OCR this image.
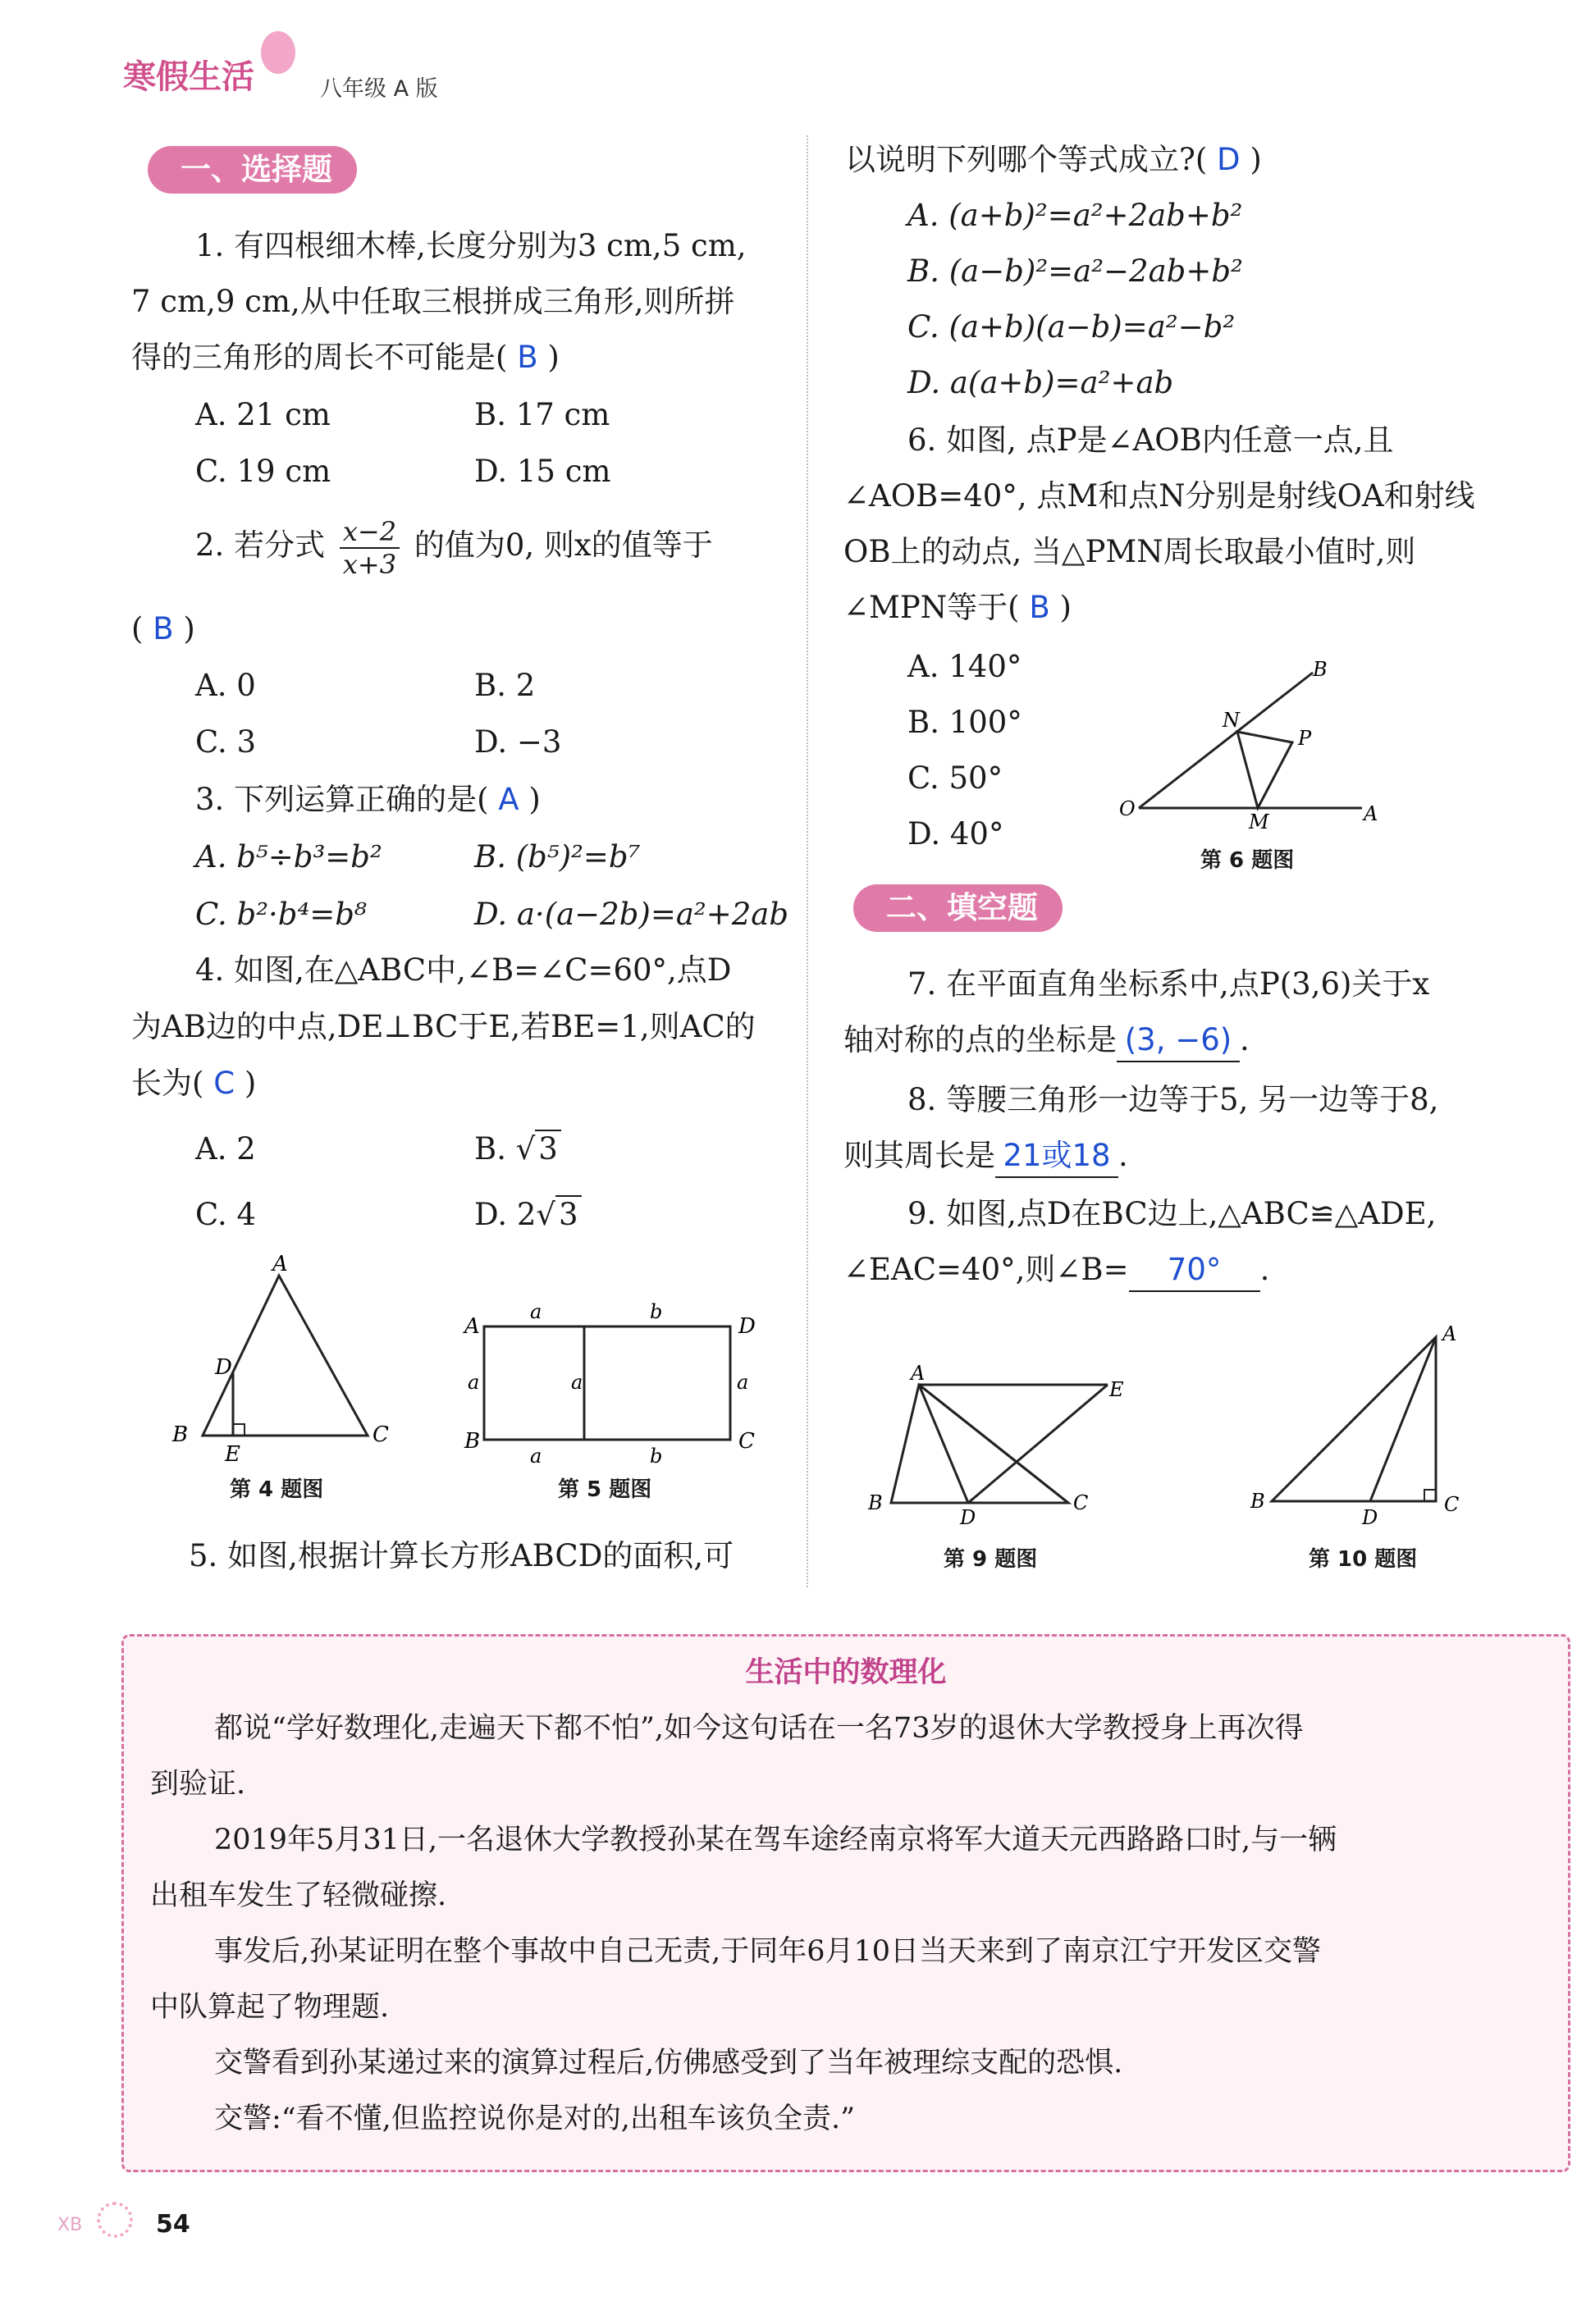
寒假生活	八年级 A 版
一、选择题
1. 有四根细木棒,长度分别为3 cm,5 cm,
7 cm,9 cm,从中任取三根拼成三角形,则所拼
得的三角形的周长不可能是( B )
A. 21 cm	B. 17 cm
C. 19 cm	D. 15 cm
2. 若分式 $\frac{x-2}{x+3}$ 的值为0, 则x的值等于
( B )
A. 0	B. 2
C. 3	D. −3
3. 下列运算正确的是( A )
A. b⁵÷b³=b²	B. (b⁵)²=b⁷
C. b²·b⁴=b⁸	D. a·(a−2b)=a²+2ab
4. 如图,在△ABC中,∠B=∠C=60°,点D
为AB边的中点,DE⊥BC于E,若BE=1,则AC的
长为( C )
A. 2	B. √ 3
C. 4	D. 2√ 3
A
D
B	C
E
第 4 题图
A	D
B	C
a	b
a	a	a
a	b
第 5 题图
5. 如图,根据计算长方形ABCD的面积,可
以说明下列哪个等式成立?( D )
A. (a+b)²=a²+2ab+b²
B. (a−b)²=a²−2ab+b²
C. (a+b)(a−b)=a²−b²
D. a(a+b)=a²+ab
6. 如图, 点P是∠AOB内任意一点,且
∠AOB=40°, 点M和点N分别是射线OA和射线
OB上的动点, 当△PMN周长取最小值时,则
∠MPN等于( B )
A. 140°
B. 100°
C. 50°
D. 40°
O	A
B
N
P
M
第 6 题图
二、填空题
7. 在平面直角坐标系中,点P(3,6)关于x
轴对称的点的坐标是 (3, −6) .
8. 等腰三角形一边等于5, 另一边等于8,
则其周长是 21或18 .
9. 如图,点D在BC边上,△ABC≌△ADE,
∠EAC=40°,则∠B= 70° .
A
E
B
D
C
第 9 题图
A
B
D
C
第 10 题图
生活中的数理化
都说“学好数理化,走遍天下都不怕”,如今这句话在一名73岁的退休大学教授身上再次得
到验证.
2019年5月31日,一名退休大学教授孙某在驾车途经南京将军大道天元西路路口时,与一辆
出租车发生了轻微碰擦.
事发后,孙某证明在整个事故中自己无责,于同年6月10日当天来到了南京江宁开发区交警
中队算起了物理题.
交警看到孙某递过来的演算过程后,仿佛感受到了当年被理综支配的恐惧.
交警:“看不懂,但监控说你是对的,出租车该负全责.”
XB	54
